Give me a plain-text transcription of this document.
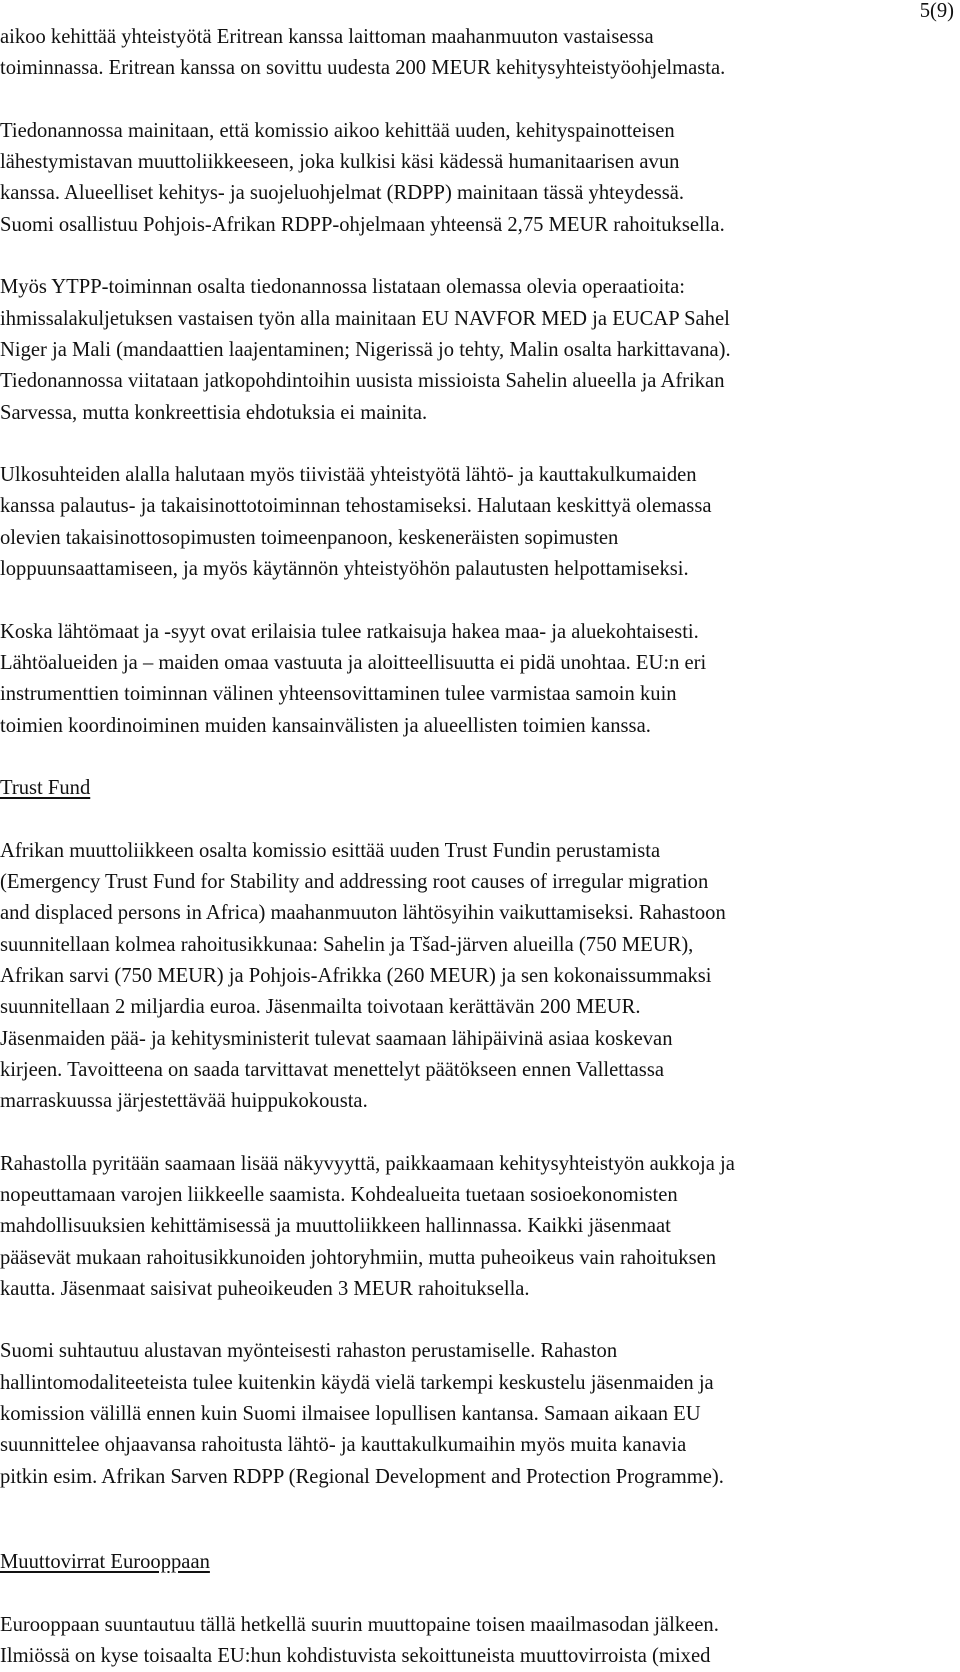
5(9)
aikoo kehittää yhteistyötä Eritrean kanssa laittoman maahanmuuton vastaisessa
toiminnassa. Eritrean kanssa on sovittu uudesta 200 MEUR kehitysyhteistyöohjelmasta.
Tiedonannossa mainitaan, että komissio aikoo kehittää uuden, kehityspainotteisen
lähestymistavan muuttoliikkeeseen, joka kulkisi käsi kädessä humanitaarisen avun
kanssa. Alueelliset kehitys- ja suojeluohjelmat (RDPP) mainitaan tässä yhteydessä.
Suomi osallistuu Pohjois-Afrikan RDPP-ohjelmaan yhteensä 2,75 MEUR rahoituksella.
Myös YTPP-toiminnan osalta tiedonannossa listataan olemassa olevia operaatioita:
ihmissalakuljetuksen vastaisen työn alla mainitaan EU NAVFOR MED ja EUCAP Sahel
Niger ja Mali (mandaattien laajentaminen; Nigerissä jo tehty, Malin osalta harkittavana).
Tiedonannossa viitataan jatkopohdintoihin uusista missioista Sahelin alueella ja Afrikan
Sarvessa, mutta konkreettisia ehdotuksia ei mainita.
Ulkosuhteiden alalla halutaan myös tiivistää yhteistyötä lähtö- ja kauttakulkumaiden
kanssa palautus- ja takaisinottotoiminnan tehostamiseksi. Halutaan keskittyä olemassa
olevien takaisinottosopimusten toimeenpanoon, keskeneräisten sopimusten
loppuunsaattamiseen, ja myös käytännön yhteistyöhön palautusten helpottamiseksi.
Koska lähtömaat ja -syyt ovat erilaisia tulee ratkaisuja hakea maa- ja aluekohtaisesti.
Lähtöalueiden ja – maiden omaa vastuuta ja aloitteellisuutta ei pidä unohtaa. EU:n eri
instrumenttien toiminnan välinen yhteensovittaminen tulee varmistaa samoin kuin
toimien koordinoiminen muiden kansainvälisten ja alueellisten toimien kanssa.
Trust Fund
Afrikan muuttoliikkeen osalta komissio esittää uuden Trust Fundin perustamista
(Emergency Trust Fund for Stability and addressing root causes of irregular migration
and displaced persons in Africa) maahanmuuton lähtösyihin vaikuttamiseksi. Rahastoon
suunnitellaan kolmea rahoitusikkunaa: Sahelin ja Tšad-järven alueilla (750 MEUR),
Afrikan sarvi (750 MEUR) ja Pohjois-Afrikka (260 MEUR) ja sen kokonaissummaksi
suunnitellaan 2 miljardia euroa. Jäsenmailta toivotaan kerättävän 200 MEUR.
Jäsenmaiden pää- ja kehitysministerit tulevat saamaan lähipäivinä asiaa koskevan
kirjeen. Tavoitteena on saada tarvittavat menettelyt päätökseen ennen Vallettassa
marraskuussa järjestettävää huippukokousta.
Rahastolla pyritään saamaan lisää näkyvyyttä, paikkaamaan kehitysyhteistyön aukkoja ja
nopeuttamaan varojen liikkeelle saamista. Kohdealueita tuetaan sosioekonomisten
mahdollisuuksien kehittämisessä ja muuttoliikkeen hallinnassa. Kaikki jäsenmaat
pääsevät mukaan rahoitusikkunoiden johtoryhmiin, mutta puheoikeus vain rahoituksen
kautta. Jäsenmaat saisivat puheoikeuden 3 MEUR rahoituksella.
Suomi suhtautuu alustavan myönteisesti rahaston perustamiselle. Rahaston
hallintomodaliteeteista tulee kuitenkin käydä vielä tarkempi keskustelu jäsenmaiden ja
komission välillä ennen kuin Suomi ilmaisee lopullisen kantansa. Samaan aikaan EU
suunnittelee ohjaavansa rahoitusta lähtö- ja kauttakulkumaihin myös muita kanavia
pitkin esim. Afrikan Sarven RDPP (Regional Development and Protection Programme).
Muuttovirrat Eurooppaan
Eurooppaan suuntautuu tällä hetkellä suurin muuttopaine toisen maailmasodan jälkeen.
Ilmiössä on kyse toisaalta EU:hun kohdistuvista sekoittuneista muuttovirroista (mixed
